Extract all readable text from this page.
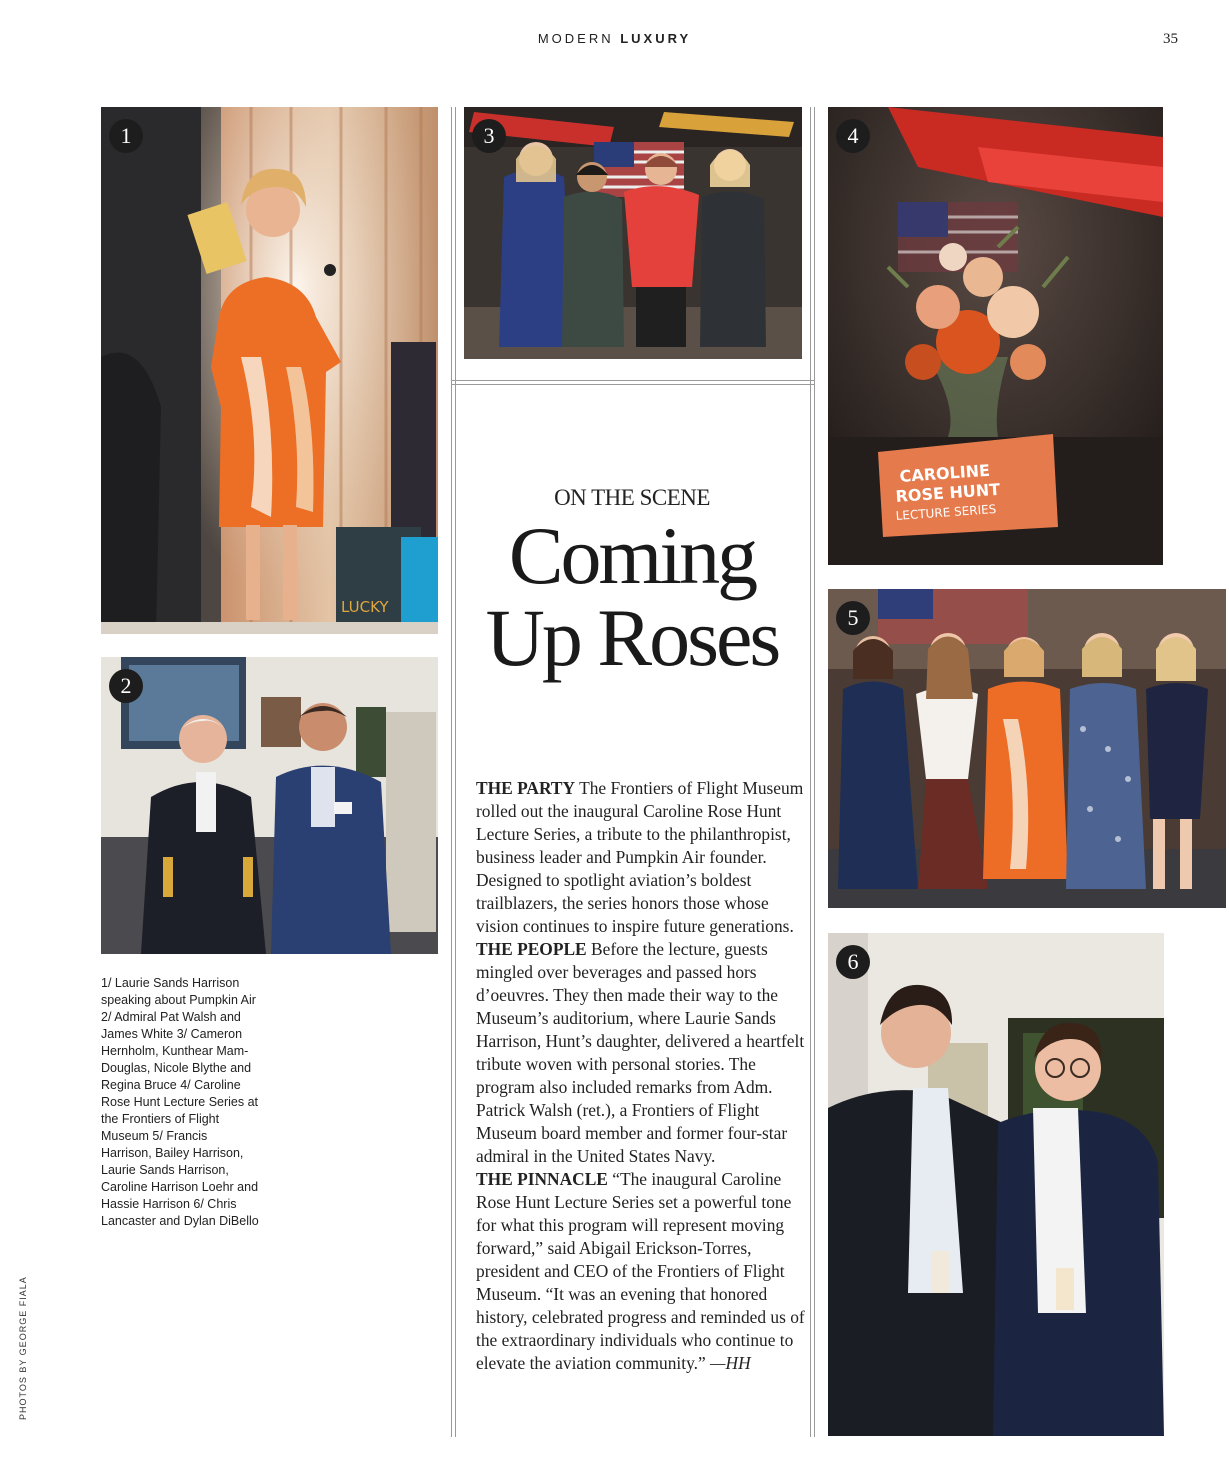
MODERN LUXURY	35
LUCKY
1
2
3
CAROLINE
ROSE HUNT
LECTURE SERIES
4
5
6
1/ Laurie Sands Harrison speaking about Pumpkin Air 2/ Admiral Pat Walsh and James White 3/ Cameron Hernholm, Kunthear Mam-Douglas, Nicole Blythe and Regina Bruce 4/ Caroline Rose Hunt Lecture Series at the Frontiers of Flight Museum 5/ Francis Harrison, Bailey Harrison, Laurie Sands Harrison, Caroline Harrison Loehr and Hassie Harrison 6/ Chris Lancaster and Dylan DiBello
PHOTOS BY GEORGE FIALA
ON THE SCENE
Coming
Up Roses

THE PARTY The Frontiers of Flight Museum rolled out the inaugural Caroline Rose Hunt Lecture Series, a tribute to the philanthropist, business leader and Pumpkin Air founder. Designed to spotlight aviation’s boldest trailblazers, the series honors those whose vision continues to inspire future generations.

THE PEOPLE Before the lecture, guests mingled over beverages and passed hors d’oeuvres. They then made their way to the Museum’s auditorium, where Laurie Sands Harrison, Hunt’s daughter, delivered a heartfelt tribute woven with personal stories. The program also included remarks from Adm. Patrick Walsh (ret.), a Frontiers of Flight Museum board member and former four-star admiral in the United States Navy.

THE PINNACLE “The inaugural Caroline Rose Hunt Lecture Series set a powerful tone for what this program will represent moving forward,” said Abigail Erickson-Torres, president and CEO of the Frontiers of Flight Museum. “It was an evening that honored history, celebrated progress and reminded us of the extraordinary individuals who continue to elevate the aviation community.” —HH
